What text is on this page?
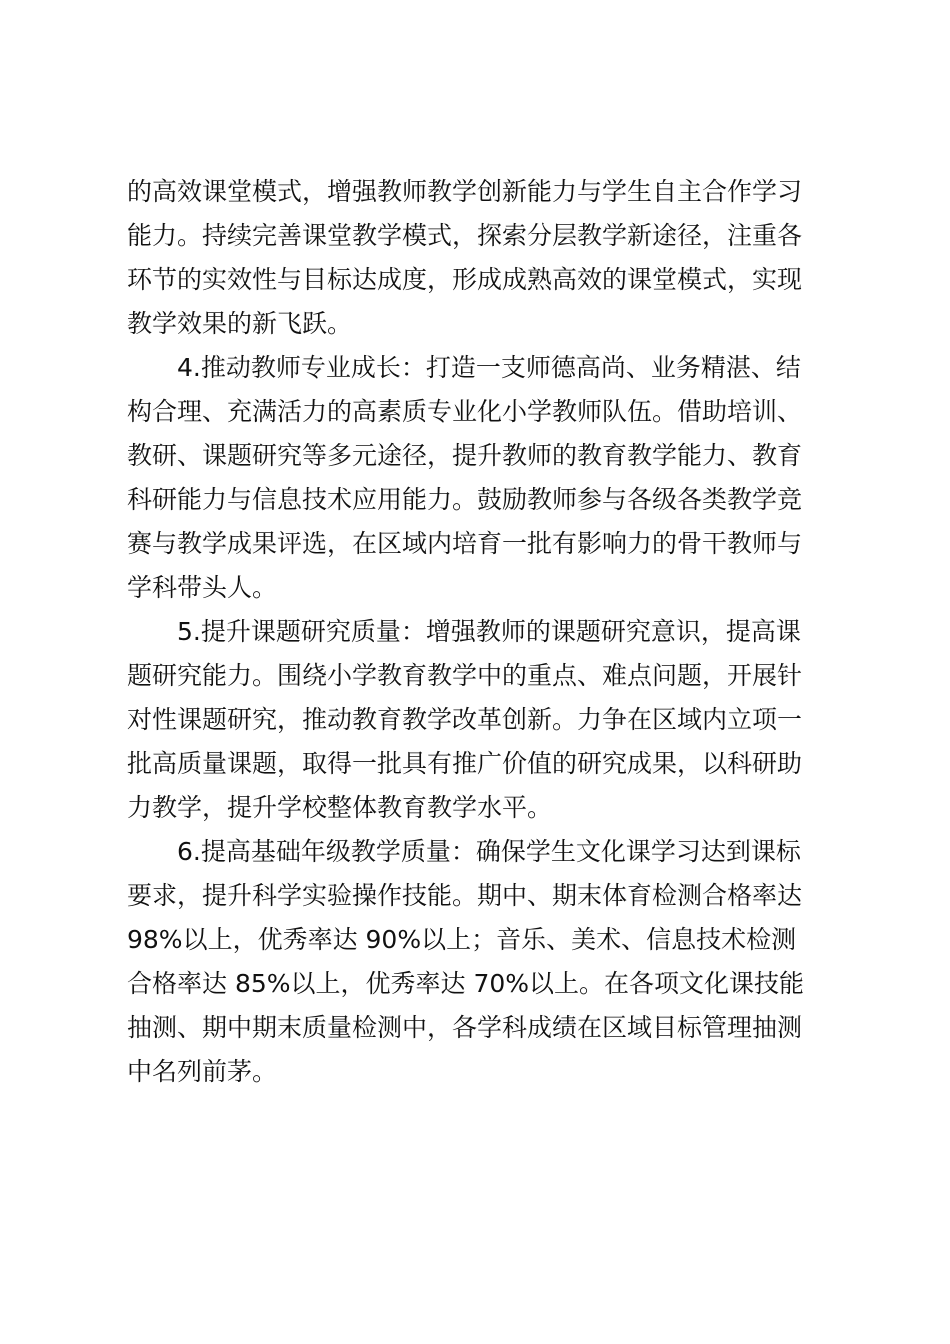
的高效课堂模式，增强教师教学创新能力与学生自主合作学习
能力。持续完善课堂教学模式，探索分层教学新途径，注重各
环节的实效性与目标达成度，形成成熟高效的课堂模式，实现
教学效果的新飞跃。
4.推动教师专业成长：打造一支师德高尚、业务精湛、结
构合理、充满活力的高素质专业化小学教师队伍。借助培训、
教研、课题研究等多元途径，提升教师的教育教学能力、教育
科研能力与信息技术应用能力。鼓励教师参与各级各类教学竞
赛与教学成果评选，在区域内培育一批有影响力的骨干教师与
学科带头人。
5.提升课题研究质量：增强教师的课题研究意识，提高课
题研究能力。围绕小学教育教学中的重点、难点问题，开展针
对性课题研究，推动教育教学改革创新。力争在区域内立项一
批高质量课题，取得一批具有推广价值的研究成果，以科研助
力教学，提升学校整体教育教学水平。
6.提高基础年级教学质量：确保学生文化课学习达到课标
要求，提升科学实验操作技能。期中、期末体育检测合格率达
98%以上，优秀率达 90%以上；音乐、美术、信息技术检测
合格率达 85%以上，优秀率达 70%以上。在各项文化课技能
抽测、期中期末质量检测中，各学科成绩在区域目标管理抽测
中名列前茅。
